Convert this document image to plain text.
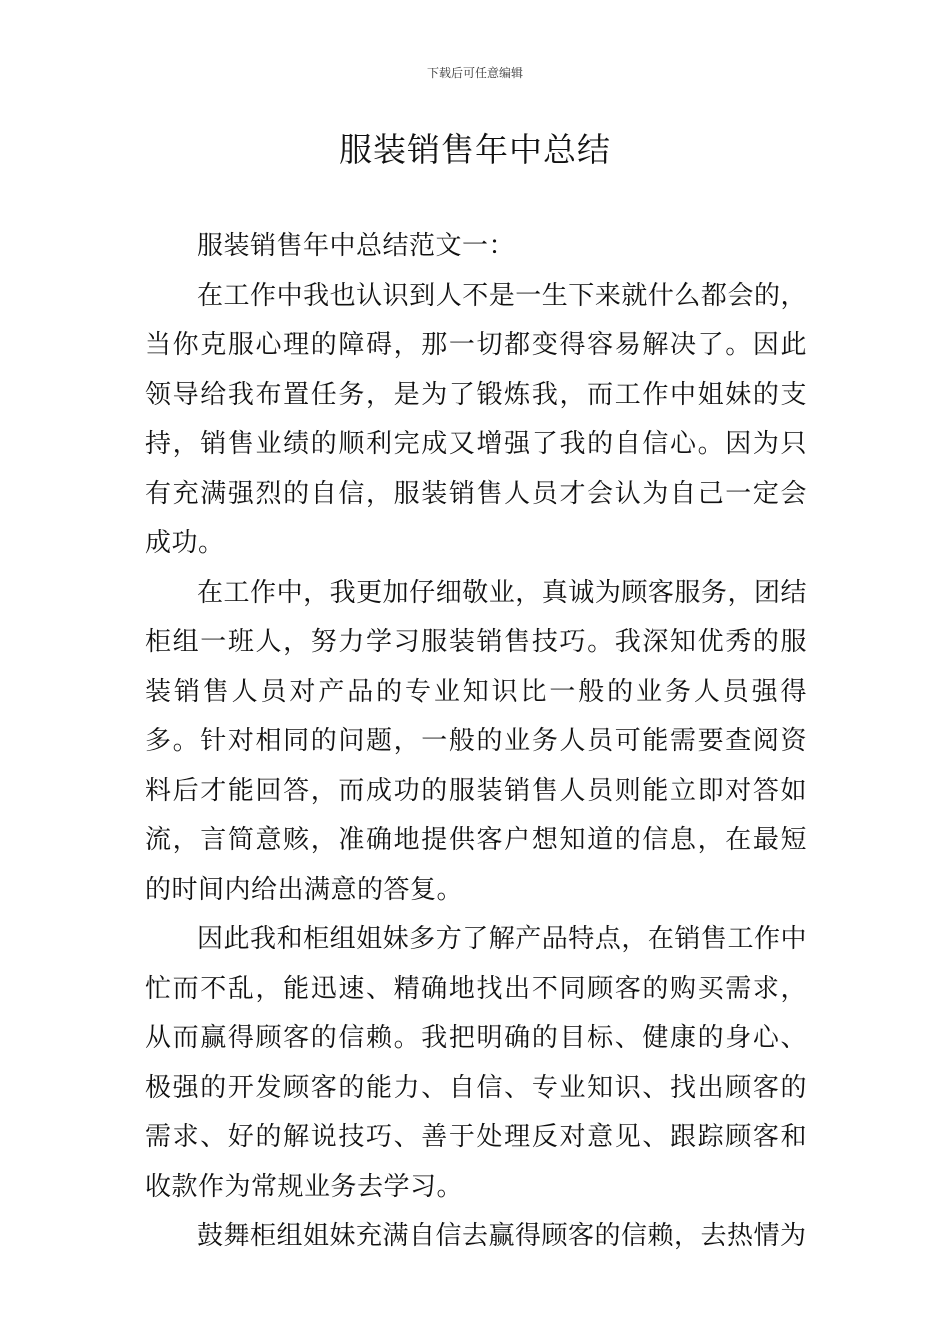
下载后可任意编辑
服装销售年中总结

服装销售年中总结范文一：

在工作中我也认识到人不是一生下来就什么都会的，当你克服心理的障碍，那一切都变得容易解决了。因此领导给我布置任务，是为了锻炼我，而工作中姐妹的支持，销售业绩的顺利完成又增强了我的自信心。因为只有充满强烈的自信，服装销售人员才会认为自己一定会成功。

在工作中，我更加仔细敬业，真诚为顾客服务，团结柜组一班人，努力学习服装销售技巧。我深知优秀的服装销售人员对产品的专业知识比一般的业务人员强得多。针对相同的问题，一般的业务人员可能需要查阅资料后才能回答，而成功的服装销售人员则能立即对答如流，言简意赅，准确地提供客户想知道的信息，在最短的时间内给出满意的答复。

因此我和柜组姐妹多方了解产品特点，在销售工作中忙而不乱，能迅速、精确地找出不同顾客的购买需求，从而赢得顾客的信赖。我把明确的目标、健康的身心、极强的开发顾客的能力、自信、专业知识、找出顾客的需求、好的解说技巧、善于处理反对意见、跟踪顾客和收款作为常规业务去学习。

鼓舞柜组姐妹充满自信去赢得顾客的信赖，去热情为
